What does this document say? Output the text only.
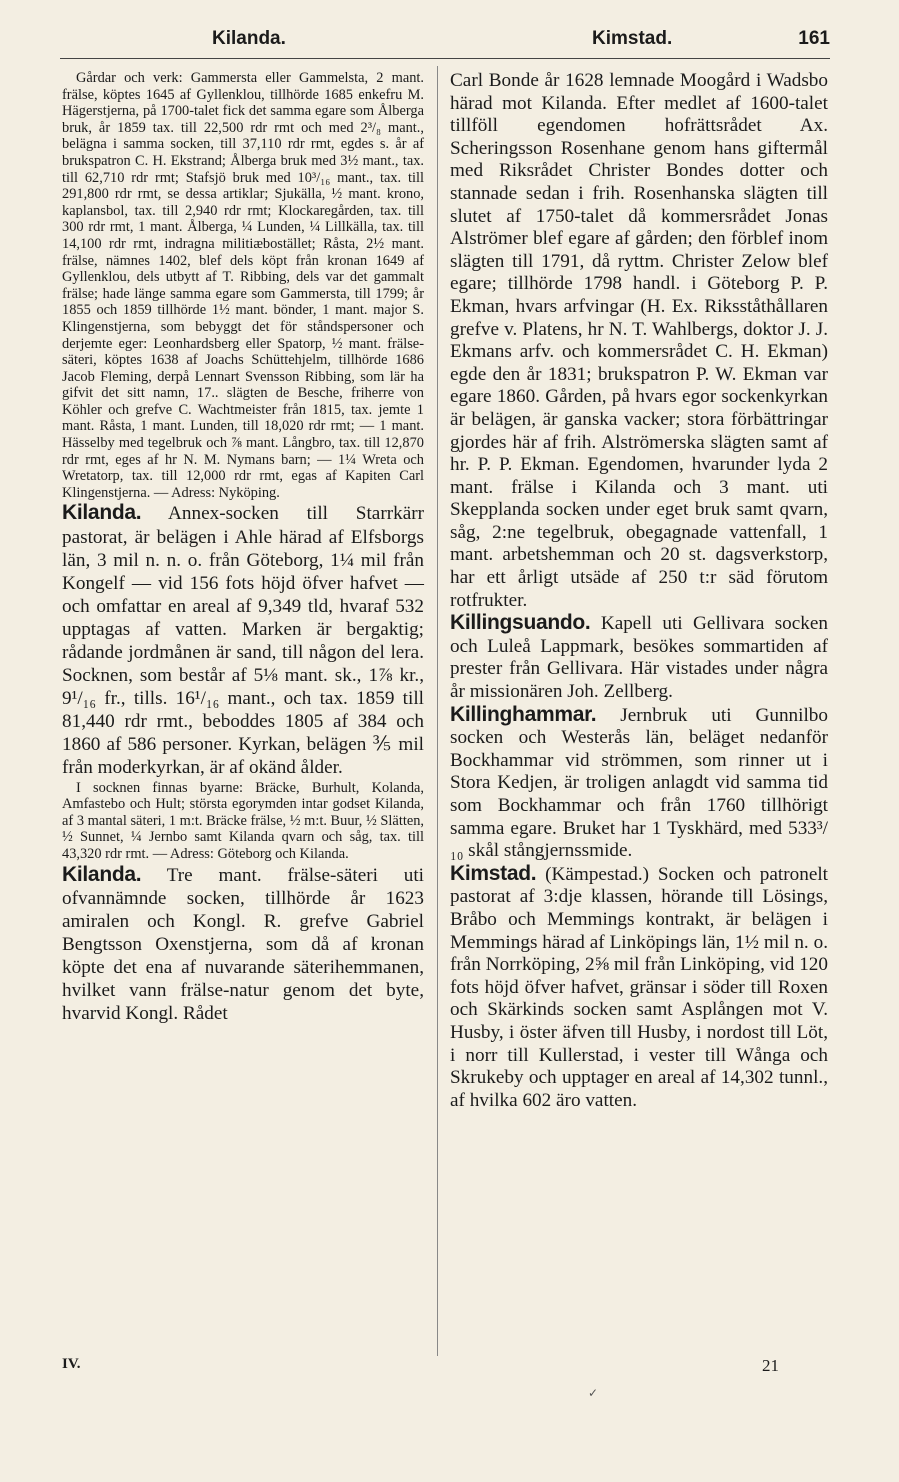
Kilanda.	Kimstad.	161

Gårdar och verk: Gammersta eller Gammelsta, 2 mant. frälse, köptes 1645 af Gyllenklou, tillhörde 1685 enkefru M. Hägerstjerna, på 1700-talet fick det samma egare som Ålberga bruk, år 1859 tax. till 22,500 rdr rmt och med 2³/₈ mant., belägna i samma socken, till 37,110 rdr rmt, egdes s. år af brukspatron C. H. Ekstrand; Ålberga bruk med 3½ mant., tax. till 62,710 rdr rmt; Stafsjö bruk med 10³/₁₆ mant., tax. till 291,800 rdr rmt, se dessa artiklar; Sjukälla, ½ mant. krono, kaplansbol, tax. till 2,940 rdr rmt; Klockaregården, tax. till 300 rdr rmt, 1 mant. Ålberga, ¼ Lunden, ¼ Lillkälla, tax. till 14,100 rdr rmt, indragna militiæbostället; Råsta, 2½ mant. frälse, nämnes 1402, blef dels köpt från kronan 1649 af Gyllenklou, dels utbytt af T. Ribbing, dels var det gammalt frälse; hade länge samma egare som Gammersta, till 1799; år 1855 och 1859 tillhörde 1½ mant. bönder, 1 mant. major S. Klingenstjerna, som bebyggt det för ståndspersoner och derjemte eger: Leonhardsberg eller Spatorp, ½ mant. frälse-säteri, köptes 1638 af Joachs Schüttehjelm, tillhörde 1686 Jacob Fleming, derpå Lennart Svensson Ribbing, som lär ha gifvit det sitt namn, 17.. slägten de Besche, friherre von Köhler och grefve C. Wachtmeister från 1815, tax. jemte 1 mant. Råsta, 1 mant. Lunden, till 18,020 rdr rmt; — 1 mant. Hässelby med tegelbruk och ⅞ mant. Långbro, tax. till 12,870 rdr rmt, eges af hr N. M. Nymans barn; — 1¼ Wreta och Wretatorp, tax. till 12,000 rdr rmt, egas af Kapiten Carl Klingenstjerna. — Adress: Nyköping.

Kilanda. Annex-socken till Starrkärr pastorat, är belägen i Ahle härad af Elfsborgs län, 3 mil n. n. o. från Göteborg, 1¼ mil från Kongelf — vid 156 fots höjd öfver hafvet — och omfattar en areal af 9,349 tld, hvaraf 532 upptagas af vatten. Marken är bergaktig; rådande jordmånen är sand, till någon del lera. Socknen, som består af 5⅛ mant. sk., 1⅞ kr., 9¹/₁₆ fr., tills. 16¹/₁₆ mant., och tax. 1859 till 81,440 rdr rmt., beboddes 1805 af 384 och 1860 af 586 personer. Kyrkan, belägen ⅗ mil från moderkyrkan, är af okänd ålder.

I socknen finnas byarne: Bräcke, Burhult, Kolanda, Amfastebo och Hult; största egorymden intar godset Kilanda, af 3 mantal säteri, 1 m:t. Bräcke frälse, ½ m:t. Buur, ½ Slätten, ½ Sunnet, ¼ Jernbo samt Kilanda qvarn och såg, tax. till 43,320 rdr rmt. — Adress: Göteborg och Kilanda.

Kilanda. Tre mant. frälse-säteri uti ofvannämnde socken, tillhörde år 1623 amiralen och Kongl. R. grefve Gabriel Bengtsson Oxenstjerna, som då af kronan köpte det ena af nuvarande säterihemmanen, hvilket vann frälse-natur genom det byte, hvarvid Kongl. Rådet

Carl Bonde år 1628 lemnade Moogård i Wadsbo härad mot Kilanda. Efter medlet af 1600-talet tillföll egendomen hofrättsrådet Ax. Scheringsson Rosenhane genom hans giftermål med Riksrådet Christer Bondes dotter och stannade sedan i frih. Rosenhanska slägten till slutet af 1750-talet då kommersrådet Jonas Alströmer blef egare af gården; den förblef inom slägten till 1791, då ryttm. Christer Zelow blef egare; tillhörde 1798 handl. i Göteborg P. P. Ekman, hvars arfvingar (H. Ex. Riksståthållaren grefve v. Platens, hr N. T. Wahlbergs, doktor J. J. Ekmans arfv. och kommersrådet C. H. Ekman) egde den år 1831; brukspatron P. W. Ekman var egare 1860. Gården, på hvars egor sockenkyrkan är belägen, är ganska vacker; stora förbättringar gjordes här af frih. Alströmerska slägten samt af hr. P. P. Ekman. Egendomen, hvarunder lyda 2 mant. frälse i Kilanda och 3 mant. uti Skepplanda socken under eget bruk samt qvarn, såg, 2:ne tegelbruk, obegagnade vattenfall, 1 mant. arbetshemman och 20 st. dagsverkstorp, har ett årligt utsäde af 250 t:r säd förutom rotfrukter.

Killingsuando. Kapell uti Gellivara socken och Luleå Lappmark, besökes sommartiden af prester från Gellivara. Här vistades under några år missionären Joh. Zellberg.

Killinghammar. Jernbruk uti Gunnilbo socken och Westerås län, beläget nedanför Bockhammar vid strömmen, som rinner ut i Stora Kedjen, är troligen anlagdt vid samma tid som Bockhammar och från 1760 tillhörigt samma egare. Bruket har 1 Tyskhärd, med 533³/₁₀ skål stångjernssmide.

Kimstad. (Kämpestad.) Socken och patronelt pastorat af 3:dje klassen, hörande till Lösings, Bråbo och Memmings kontrakt, är belägen i Memmings härad af Linköpings län, 1½ mil n. o. från Norrköping, 2⅝ mil från Linköping, vid 120 fots höjd öfver hafvet, gränsar i söder till Roxen och Skärkinds socken samt Asplången mot V. Husby, i öster äfven till Husby, i nordost till Löt, i norr till Kullerstad, i vester till Wånga och Skrukeby och upptager en areal af 14,302 tunnl., af hvilka 602 äro vatten.

IV.	21
✓
